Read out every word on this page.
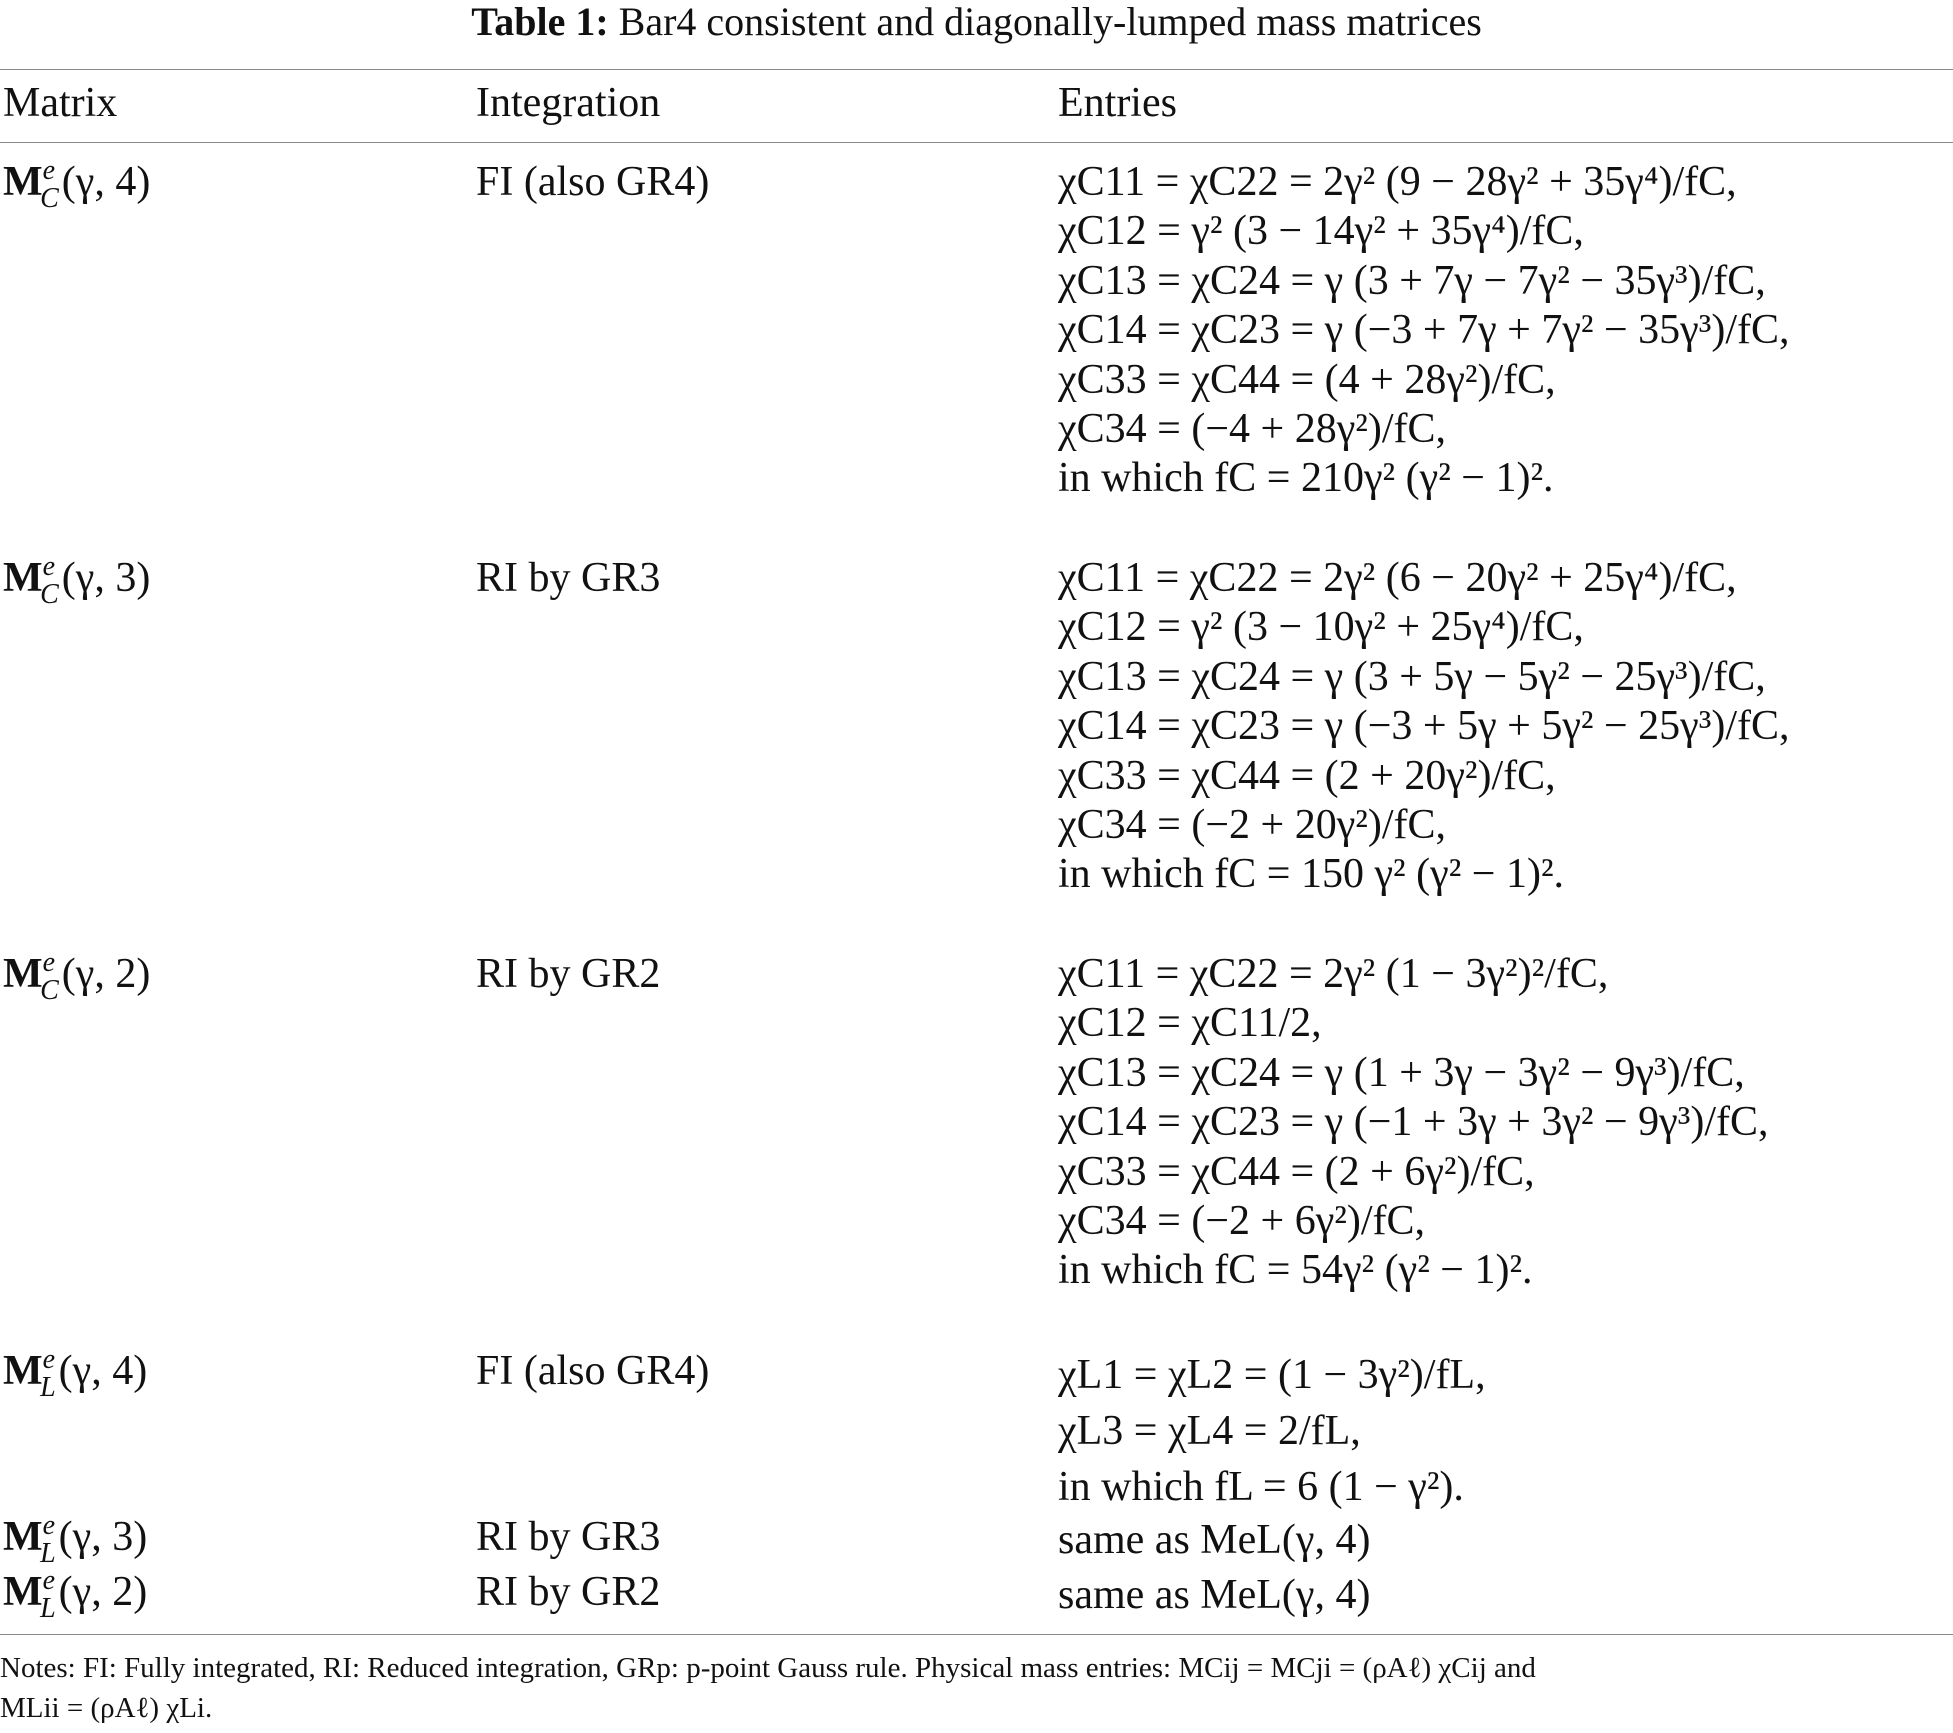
Table 1: Bar4 consistent and diagonally-lumped mass matrices
Matrix	Integration	Entries
$M^e_C(\gamma$, 4)	FI (also GR4)	χC11 = χC22 = 2γ² (9 − 28γ² + 35γ⁴)/fC,
χC12 = γ² (3 − 14γ² + 35γ⁴)/fC,
χC13 = χC24 = γ (3 + 7γ − 7γ² − 35γ³)/fC,
χC14 = χC23 = γ (−3 + 7γ + 7γ² − 35γ³)/fC,
χC33 = χC44 = (4 + 28γ²)/fC,
χC34 = (−4 + 28γ²)/fC,
in which fC = 210γ² (γ² − 1)².
$M^e_C(\gamma$, 3)	RI by GR3	χC11 = χC22 = 2γ² (6 − 20γ² + 25γ⁴)/fC,
χC12 = γ² (3 − 10γ² + 25γ⁴)/fC,
χC13 = χC24 = γ (3 + 5γ − 5γ² − 25γ³)/fC,
χC14 = χC23 = γ (−3 + 5γ + 5γ² − 25γ³)/fC,
χC33 = χC44 = (2 + 20γ²)/fC,
χC34 = (−2 + 20γ²)/fC,
in which fC = 150 γ² (γ² − 1)².
$M^e_C(\gamma$, 2)	RI by GR2	χC11 = χC22 = 2γ² (1 − 3γ²)²/fC,
χC12 = χC11/2,
χC13 = χC24 = γ (1 + 3γ − 3γ² − 9γ³)/fC,
χC14 = χC23 = γ (−1 + 3γ + 3γ² − 9γ³)/fC,
χC33 = χC44 = (2 + 6γ²)/fC,
χC34 = (−2 + 6γ²)/fC,
in which fC = 54γ² (γ² − 1)².
$M^e_L(\gamma$, 4)	FI (also GR4)	χL1 = χL2 = (1 − 3γ²)/fL,
χL3 = χL4 = 2/fL,
in which fL = 6 (1 − γ²).
$M^e_L(\gamma$, 3)	RI by GR3	same as MeL(γ, 4)
$M^e_L(\gamma$, 2)	RI by GR2	same as MeL(γ, 4)
Notes: FI: Fully integrated, RI: Reduced integration, GRp: p-point Gauss rule. Physical mass entries: MCij = MCji = (ρAℓ) χCij and
MLii = (ρAℓ) χLi.
